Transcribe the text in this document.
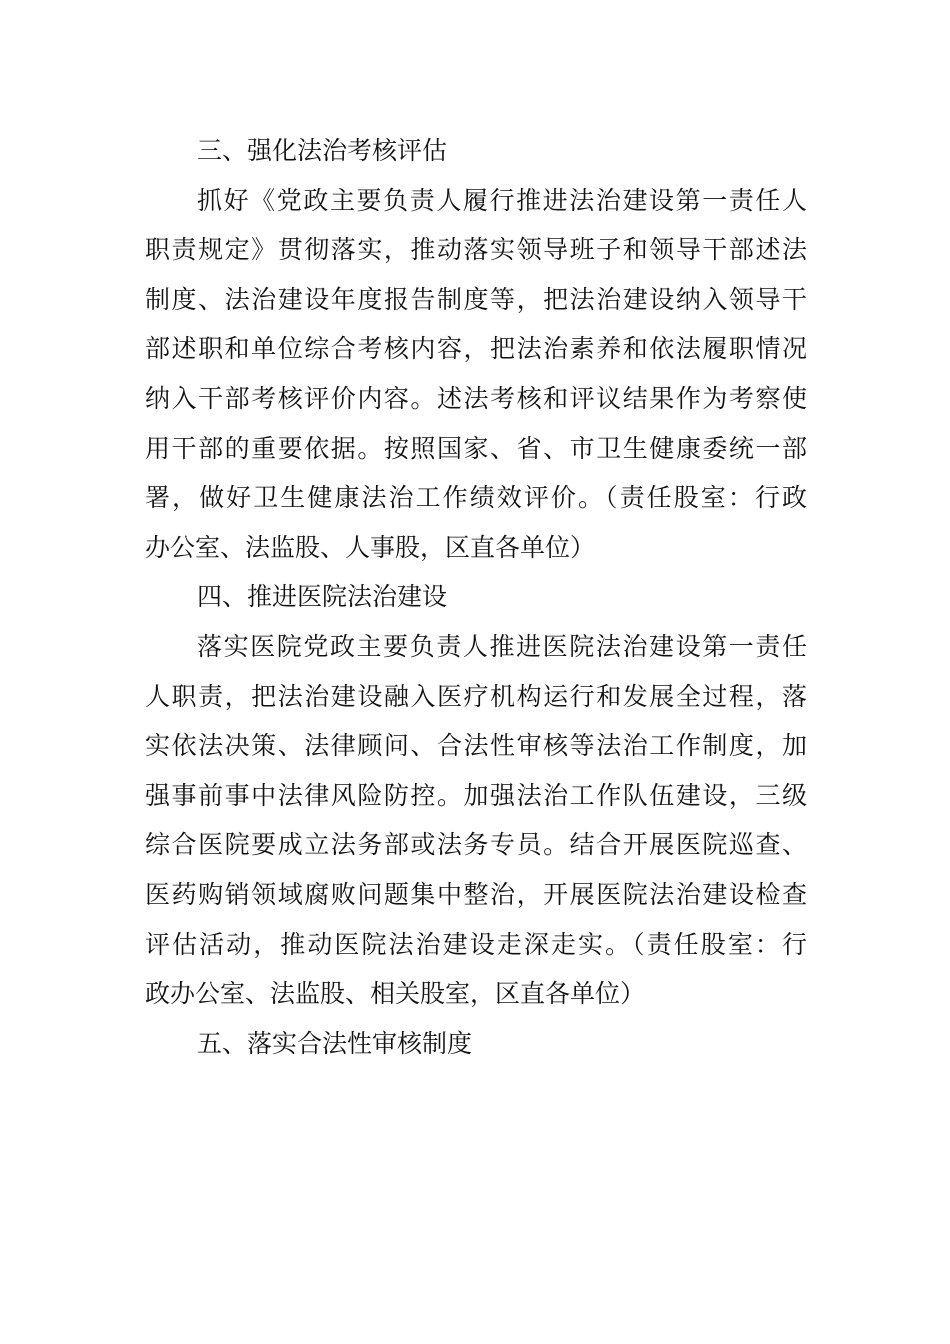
三、强化法治考核评估
抓好《党政主要负责人履行推进法治建设第一责任人
职责规定》贯彻落实，推动落实领导班子和领导干部述法
制度、法治建设年度报告制度等，把法治建设纳入领导干
部述职和单位综合考核内容，把法治素养和依法履职情况
纳入干部考核评价内容。述法考核和评议结果作为考察使
用干部的重要依据。按照国家、省、市卫生健康委统一部
署，做好卫生健康法治工作绩效评价。（责任股室：行政
办公室、法监股、人事股，区直各单位）
四、推进医院法治建设
落实医院党政主要负责人推进医院法治建设第一责任
人职责，把法治建设融入医疗机构运行和发展全过程，落
实依法决策、法律顾问、合法性审核等法治工作制度，加
强事前事中法律风险防控。加强法治工作队伍建设，三级
综合医院要成立法务部或法务专员。结合开展医院巡查、
医药购销领域腐败问题集中整治，开展医院法治建设检查
评估活动，推动医院法治建设走深走实。（责任股室：行
政办公室、法监股、相关股室，区直各单位）
五、落实合法性审核制度
